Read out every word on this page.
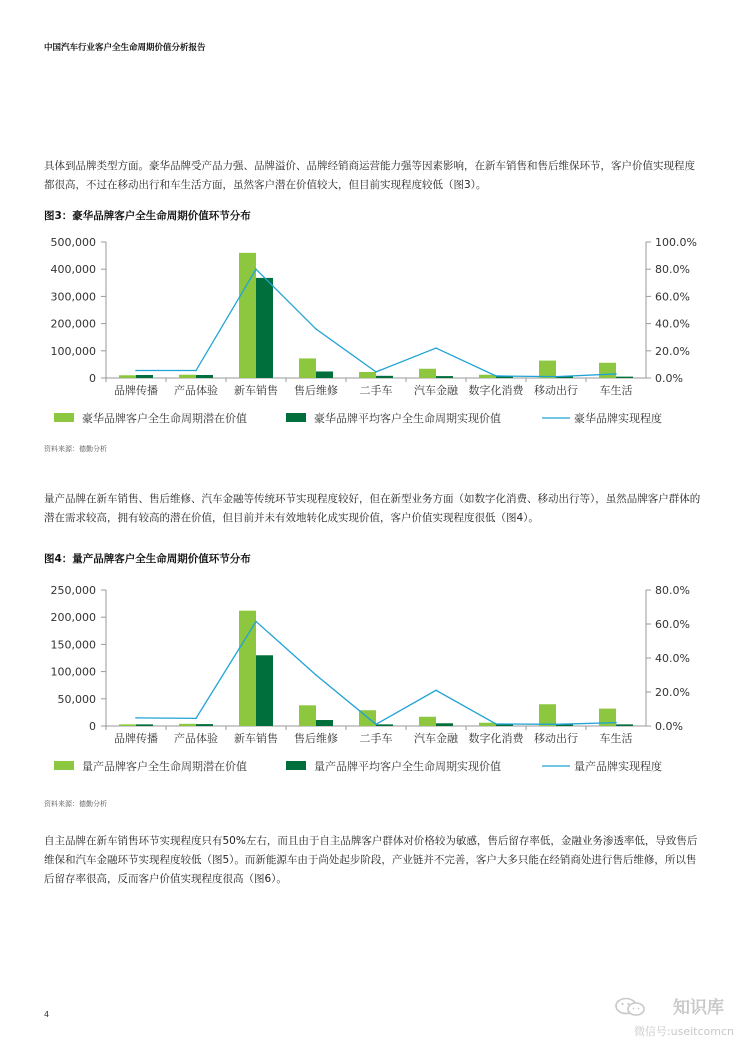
中国汽车行业客户全生命周期价值分析报告
具体到品牌类型方面。豪华品牌受产品力强、品牌溢价、品牌经销商运营能力强等因素影响，在新车销售和售后维保环节，客户价值实现程度都很高，不过在移动出行和车生活方面，虽然客户潜在价值较大，但目前实现程度较低（图3）。
图3：豪华品牌客户全生命周期价值环节分布
0
100,000
200,000
300,000
400,000
500,000
0.0%
20.0%
40.0%
60.0%
80.0%
100.0%
品牌传播 产品体验 新车销售 售后维修 二手车 汽车金融 数字化消费 移动出行 车生活
豪华品牌客户全生命周期潜在价值	豪华品牌平均客户全生命周期实现价值	豪华品牌实现程度
资料来源：德勤分析
量产品牌在新车销售、售后维修、汽车金融等传统环节实现程度较好，但在新型业务方面（如数字化消费、移动出行等），虽然品牌客户群体的潜在需求较高，拥有较高的潜在价值，但目前并未有效地转化成实现价值，客户价值实现程度很低（图4）。
图4：量产品牌客户全生命周期价值环节分布
0
50,000
100,000
150,000
200,000
250,000
0.0%
20.0%
40.0%
60.0%
80.0%
品牌传播 产品体验 新车销售 售后维修 二手车 汽车金融 数字化消费 移动出行 车生活
量产品牌客户全生命周期潜在价值	量产品牌平均客户全生命周期实现价值	量产品牌实现程度
资料来源：德勤分析
自主品牌在新车销售环节实现程度只有50%左右，而且由于自主品牌客户群体对价格较为敏感，售后留存率低，金融业务渗透率低，导致售后维保和汽车金融环节实现程度较低（图5）。而新能源车由于尚处起步阶段，产业链并不完善，客户大多只能在经销商处进行售后维修，所以售后留存率很高，反而客户价值实现程度很高（图6）。
4	知识库
微信号:useitcomcn
